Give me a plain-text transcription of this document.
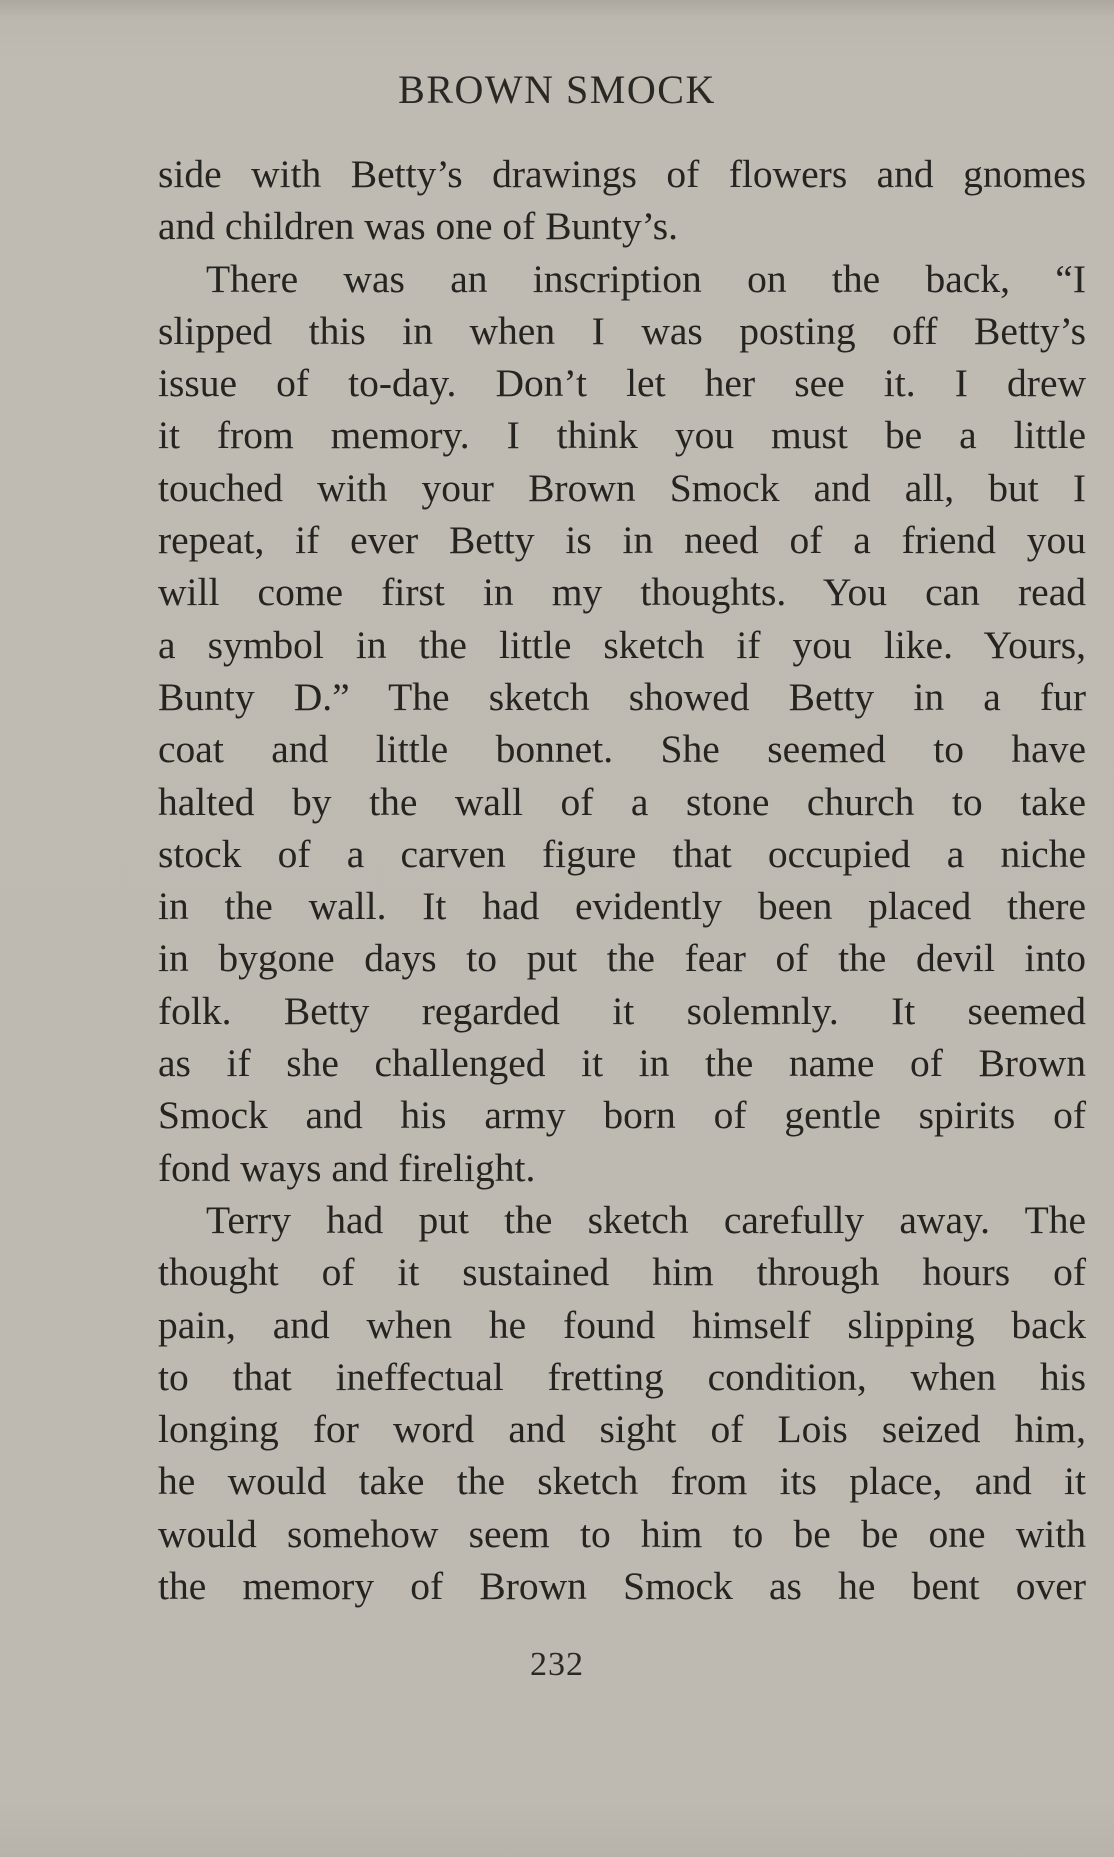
BROWN SMOCK
side with Betty’s drawings of flowers and gnomes
and children was one of Bunty’s.
There was an inscription on the back, “I
slipped this in when I was posting off Betty’s
issue of to-day. Don’t let her see it. I drew
it from memory. I think you must be a little
touched with your Brown Smock and all, but I
repeat, if ever Betty is in need of a friend you
will come first in my thoughts. You can read
a symbol in the little sketch if you like. Yours,
Bunty D.” The sketch showed Betty in a fur
coat and little bonnet. She seemed to have
halted by the wall of a stone church to take
stock of a carven figure that occupied a niche
in the wall. It had evidently been placed there
in bygone days to put the fear of the devil into
folk. Betty regarded it solemnly. It seemed
as if she challenged it in the name of Brown
Smock and his army born of gentle spirits of
fond ways and firelight.
Terry had put the sketch carefully away. The
thought of it sustained him through hours of
pain, and when he found himself slipping back
to that ineffectual fretting condition, when his
longing for word and sight of Lois seized him,
he would take the sketch from its place, and it
would somehow seem to him to be be one with
the memory of Brown Smock as he bent over
232
